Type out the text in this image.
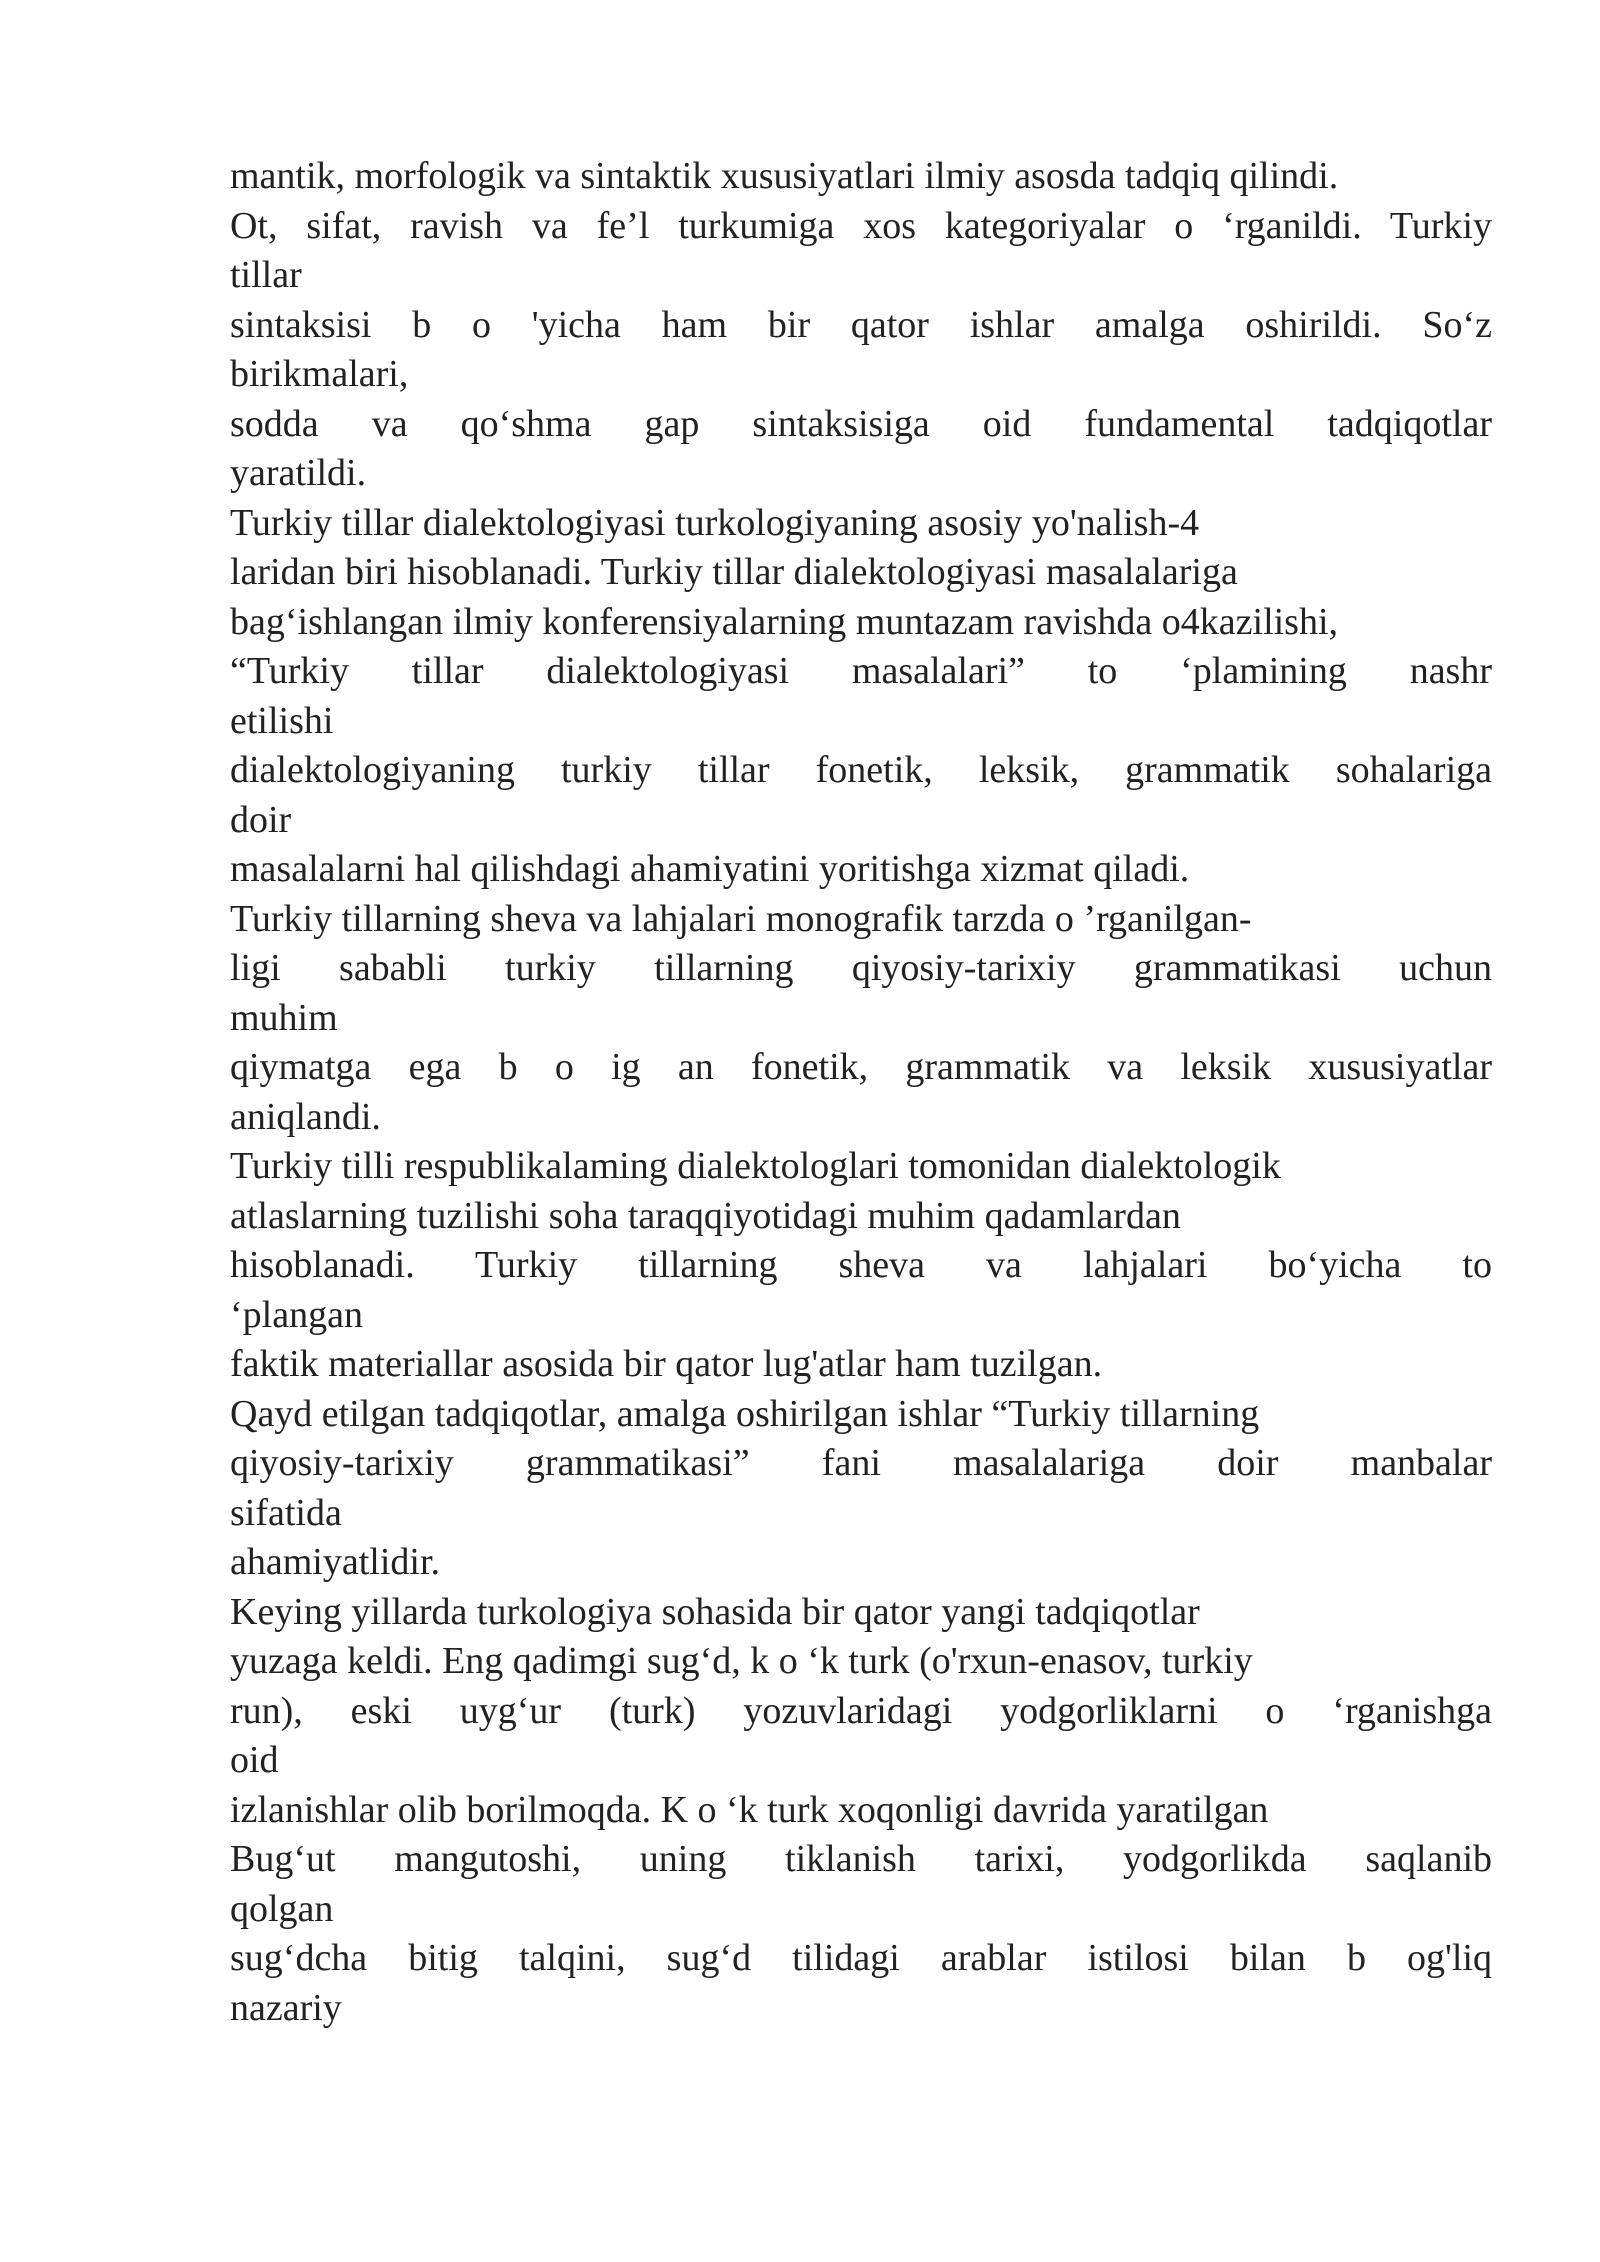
mantik, morfologik va sintaktik xususiyatlari ilmiy asosda tadqiq qilindi.
Ot, sifat, ravish va fe’l turkumiga xos kategoriyalar o ‘rganildi. Turkiy
tillar
sintaksisi b o 'yicha ham bir qator ishlar amalga oshirildi. So‘z
birikmalari,
sodda va qo‘shma gap sintaksisiga oid fundamental tadqiqotlar
yaratildi.
Turkiy tillar dialektologiyasi turkologiyaning asosiy yo'nalish-4
laridan biri hisoblanadi. Turkiy tillar dialektologiyasi masalalariga
bag‘ishlangan ilmiy konferensiyalarning muntazam ravishda o4kazilishi,
“Turkiy tillar dialektologiyasi masalalari” to ‘plamining nashr
etilishi
dialektologiyaning turkiy tillar fonetik, leksik, grammatik sohalariga
doir
masalalarni hal qilishdagi ahamiyatini yoritishga xizmat qiladi.
Turkiy tillarning sheva va lahjalari monografik tarzda o ’rganilgan-
ligi sababli turkiy tillarning qiyosiy-tarixiy grammatikasi uchun
muhim
qiymatga ega b o ig an fonetik, grammatik va leksik xususiyatlar
aniqlandi.
Turkiy tilli respublikalaming dialektologlari tomonidan dialektologik
atlaslarning tuzilishi soha taraqqiyotidagi muhim qadamlardan
hisoblanadi. Turkiy tillarning sheva va lahjalari bo‘yicha to
‘plangan
faktik materiallar asosida bir qator lug'atlar ham tuzilgan.
Qayd etilgan tadqiqotlar, amalga oshirilgan ishlar “Turkiy tillarning
qiyosiy-tarixiy grammatikasi” fani masalalariga doir manbalar
sifatida
ahamiyatlidir.
Keying yillarda turkologiya sohasida bir qator yangi tadqiqotlar
yuzaga keldi. Eng qadimgi sug‘d, k o ‘k turk (o'rxun-enasov, turkiy
run), eski uyg‘ur (turk) yozuvlaridagi yodgorliklarni o ‘rganishga
oid
izlanishlar olib borilmoqda. K o ‘k turk xoqonligi davrida yaratilgan
Bug‘ut mangutoshi, uning tiklanish tarixi, yodgorlikda saqlanib
qolgan
sug‘dcha bitig talqini, sug‘d tilidagi arablar istilosi bilan b og'liq
nazariy
